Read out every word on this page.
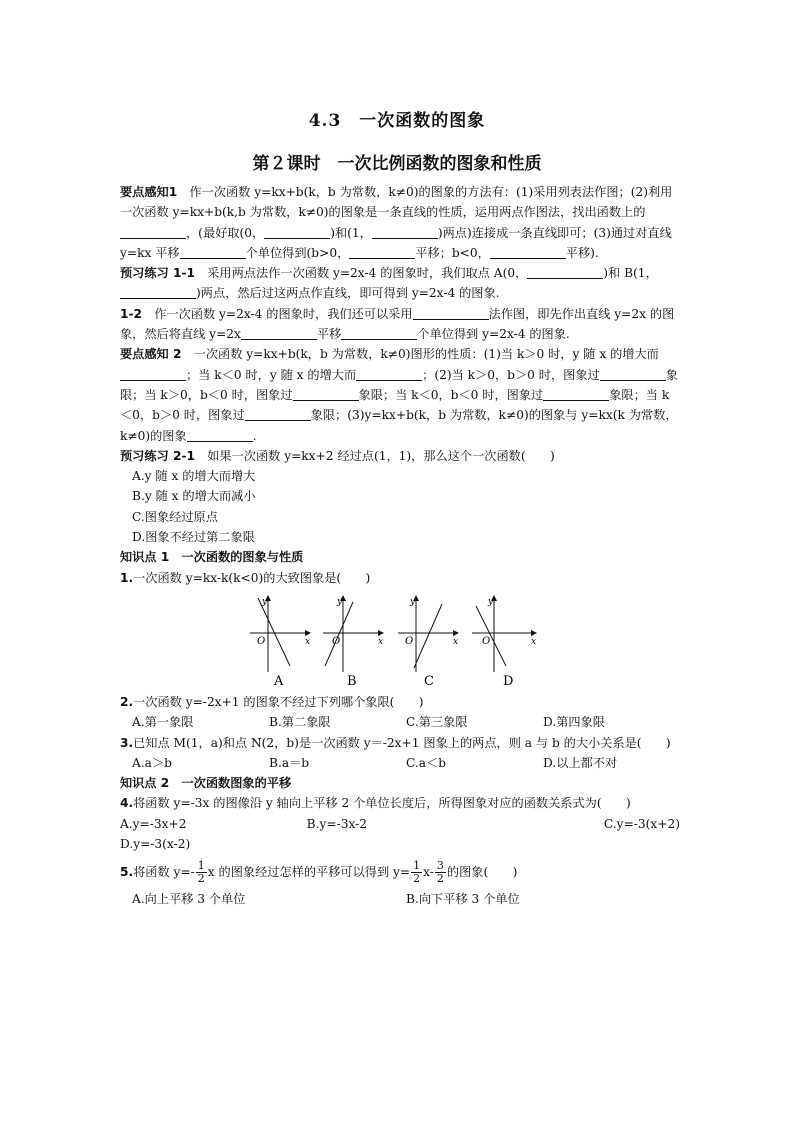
4.3　一次函数的图象
第２课时　一次比例函数的图象和性质

要点感知1　 作一次函数 y=kx+b(k，b 为常数，k≠0)的图象的方法有：(1)采用列表法作图；(2)利用一次函数 y=kx+b(k,b 为常数，k≠0)的图象是一条直线的性质，运用两点作图法，找出函数上的，(最好取(0，	)和(1，	)两点)连接成一条直线即可；(3)通过对直线 y=kx 平移	个单位得到(b>0，	平移；b<0，	平移).

预习练习 1-1　 采用两点法作一次函数 y=2x-4 的图象时，我们取点 A(0，	)和 B(1，)两点，然后过这两点作直线，即可得到 y=2x-4 的图象.

1-2　 作一次函数 y=2x-4 的图象时，我们还可以采用	法作图，即先作出直线 y=2x 的图象，然后将直线 y=2x	平移	个单位得到 y=2x-4 的图象.

要点感知 2　 一次函数 y=kx+b(k，b 为常数，k≠0)图形的性质：(1)当 k＞0 时，y 随 x 的增大而；当 k＜0 时，y 随 x 的增大而	；(2)当 k＞0，b＞0 时，图象过	象限；当 k＞0，b＜0 时，图象过	象限；当 k＜0，b＜0 时，图象过	象限；当 k＜0，b＞0 时，图象过	象限；(3)y=kx+b(k，b 为常数，k≠0)的图象与 y=kx(k 为常数，k≠0)的图象	.

预习练习 2-1　 如果一次函数 y=kx+2 经过点(1，1)，那么这个一次函数(　　)

A.y 随 x 的增大而增大

B.y 随 x 的增大而减小

C.图象经过原点

D.图象不经过第二象限

知识点 1　 一次函数的图象与性质

1.一次函数 y=kx-k(k<0)的大致图象是(　　)

y
x
O
A
y
x
O
B
y
x
O
C
y
x
O
D

2.一次函数 y=-2x+1 的图象不经过下列哪个象限(　　)

A.第一象限	B.第二象限	C.第三象限	D.第四象限

3.已知点 M(1，a)和点 N(2，b)是一次函数 y＝-2x+1 图象上的两点，则 a 与 b 的大小关系是(　　)

A.a＞b	B.a＝b	C.a＜b	D.以上都不对

知识点 2　 一次函数图象的平移

4.将函数 y=-3x 的图像沿 y 轴向上平移 2 个单位长度后，所得图象对应的函数关系式为(　　)

A.y=-3x+2	B.y=-3x-2	C.y=-3(x+2)

D.y=-3(x-2)

5.将函数 $y=- \frac{1}{2}$ x 的图象经过怎样的平移可以得到 $y= \frac{1}{2} x- \frac{3}{2}$ 的图象(　　)

A.向上平移 3 个单位	B.向下平移 3 个单位
